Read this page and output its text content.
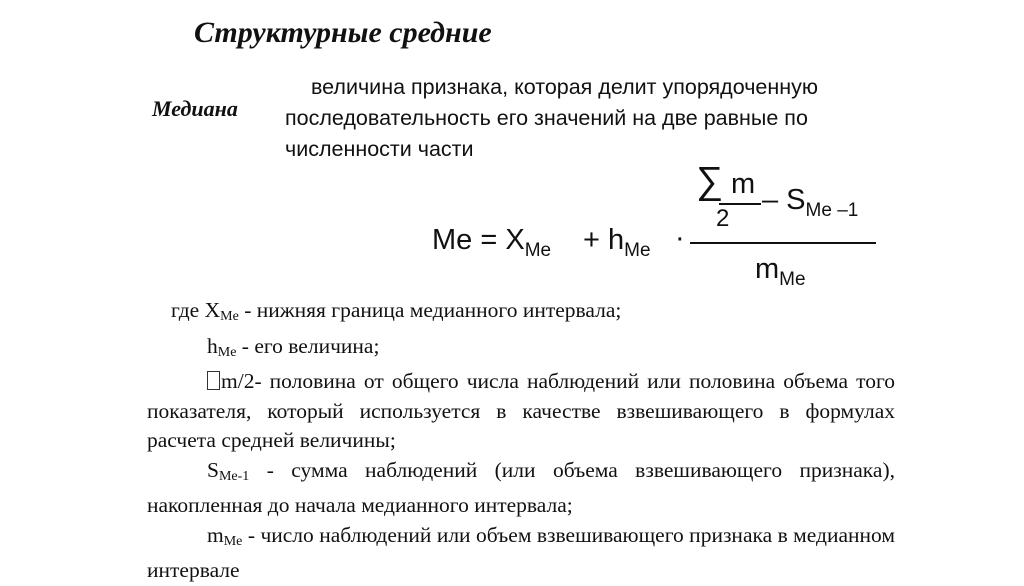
Структурные средние
Медиана
величина признака, которая делит упорядоченную
последовательность его значений на две равные по
численности части
$Me = X_{Me} + h_{Me}$ ·
∑ m
2
– $S_{Me -1}$
$m_{Me}$
где $X_{Me}$ - нижняя граница медианного интервала;
$h_{Me}$ - его величина;
m/2- половина от общего числа наблюдений или половина объема того показателя, который используется в качестве взвешивающего в формулах расчета средней величины;
$S_{Me-1}$ - сумма наблюдений (или объема взвешивающего признака), накопленная до начала медианного интервала;
$m_{Me}$ - число наблюдений или объем взвешивающего признака в медианном интервале
